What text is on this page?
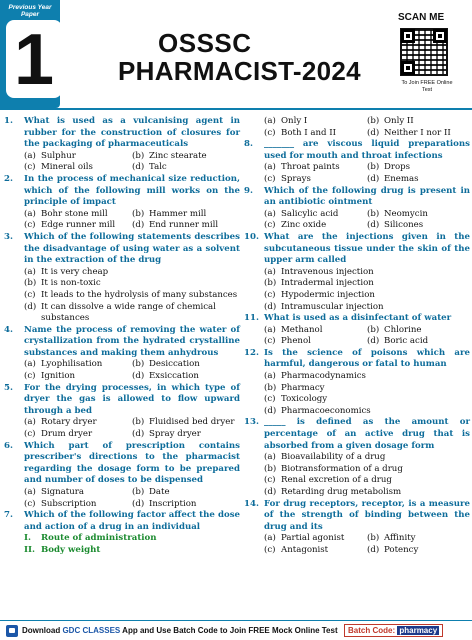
Previous Year Paper
1	OSSSC
PHARMACIST-2024
SCAN ME
To Join FREE Online Test
1.	What is used as a vulcanising agent in rubber for the construction of closures for the packaging of pharmaceuticals
(a) Sulphur	(b) Zinc stearate
(c) Mineral oils	(d) Talc
2.	In the process of mechanical size reduction, which of the following mill works on the principle of impact
(a) Bohr stone mill	(b) Hammer mill
(c) Edge runner mill	(d) End runner mill
3.	Which of the following statements describes the disadvantage of using water as a solvent in the extraction of the drug
(a) It is very cheap
(b) It is non-toxic
(c) It leads to the hydrolysis of many substances
(d) It can dissolve a wide range of chemical substances
4.	Name the process of removing the water of crystallization from the hydrated crystalline substances and making them anhydrous
(a) Lyophilisation	(b) Desiccation
(c) Ignition	(d) Exsiccation
5.	For the drying processes, in which type of dryer the gas is allowed to flow upward through a bed
(a) Rotary dryer	(b) Fluidised bed dryer
(c) Drum dryer	(d) Spray dryer
6.	Which part of prescription contains prescriber's directions to the pharmacist regarding the dosage form to be prepared and number of doses to be dispensed
(a) Signatura	(b) Date
(c) Subscription	(d) Inscription
7.	Which of the following factor affect the dose and action of a drug in an individual
I.	Route of administration
II. Body weight
(a) Only I	(b) Only II
(c) Both I and II	(d) Neither I nor II
8.	_______ are viscous liquid preparations used for mouth and throat infections
(a) Throat paints	(b) Drops
(c) Sprays	(d) Enemas
9.	Which of the following drug is present in an antibiotic ointment
(a) Salicylic acid	(b) Neomycin
(c) Zinc oxide	(d) Silicones
10. What are the injections given in the subcutaneous tissue under the skin of the upper arm called
(a) Intravenous injection
(b) Intradermal injection
(c) Hypodermic injection
(d) Intramuscular injection
11. What is used as a disinfectant of water
(a) Methanol	(b) Chlorine
(c) Phenol	(d) Boric acid
12. Is the science of poisons which are harmful, dangerous or fatal to human
(a) Pharmacodynamics
(b) Pharmacy
(c) Toxicology
(d) Pharmacoeconomics
13. _____ is defined as the amount or percentage of an active drug that is absorbed from a given dosage form
(a) Bioavailability of a drug
(b) Biotransformation of a drug
(c) Renal excretion of a drug
(d) Retarding drug metabolism
14. For drug receptors, receptor, is a measure of the strength of binding between the drug and its
(a) Partial agonist	(b) Affinity
(c) Antagonist	(d) Potency
Download GDC CLASSES App and Use Batch Code to Join FREE Mock Online Test	Batch Code: pharmacy
